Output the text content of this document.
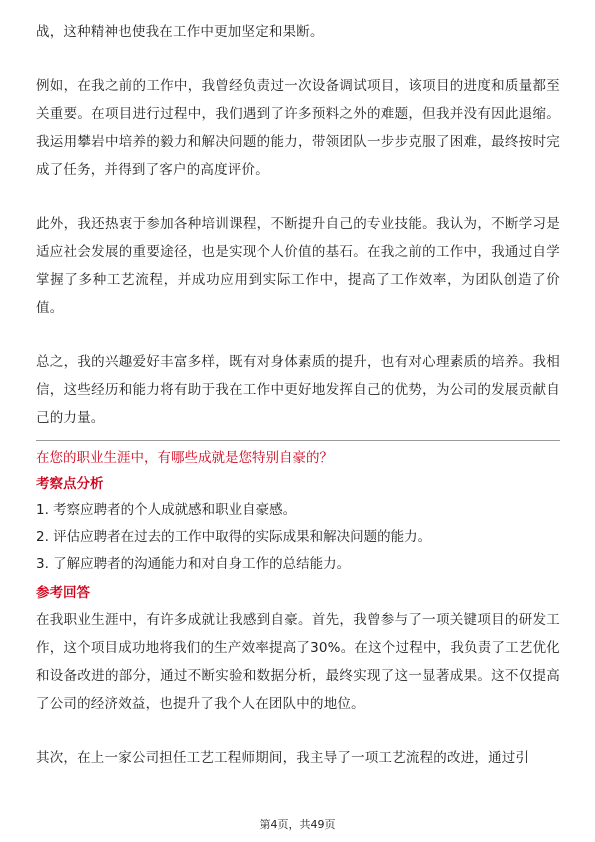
战，这种精神也使我在工作中更加坚定和果断。

例如，在我之前的工作中，我曾经负责过一次设备调试项目，该项目的进度和质量都至关重要。在项目进行过程中，我们遇到了许多预料之外的难题，但我并没有因此退缩。我运用攀岩中培养的毅力和解决问题的能力，带领团队一步步克服了困难，最终按时完成了任务，并得到了客户的高度评价。

此外，我还热衷于参加各种培训课程，不断提升自己的专业技能。我认为，不断学习是适应社会发展的重要途径，也是实现个人价值的基石。在我之前的工作中，我通过自学掌握了多种工艺流程，并成功应用到实际工作中，提高了工作效率，为团队创造了价值。

总之，我的兴趣爱好丰富多样，既有对身体素质的提升，也有对心理素质的培养。我相信，这些经历和能力将有助于我在工作中更好地发挥自己的优势，为公司的发展贡献自己的力量。

在您的职业生涯中，有哪些成就是您特别自豪的？

考察点分析

1. 考察应聘者的个人成就感和职业自豪感。

2. 评估应聘者在过去的工作中取得的实际成果和解决问题的能力。

3. 了解应聘者的沟通能力和对自身工作的总结能力。

参考回答

在我职业生涯中，有许多成就让我感到自豪。首先，我曾参与了一项关键项目的研发工作，这个项目成功地将我们的生产效率提高了30%。在这个过程中，我负责了工艺优化和设备改进的部分，通过不断实验和数据分析，最终实现了这一显著成果。这不仅提高了公司的经济效益，也提升了我个人在团队中的地位。

其次，在上一家公司担任工艺工程师期间，我主导了一项工艺流程的改进，通过引

第4页，共49页
